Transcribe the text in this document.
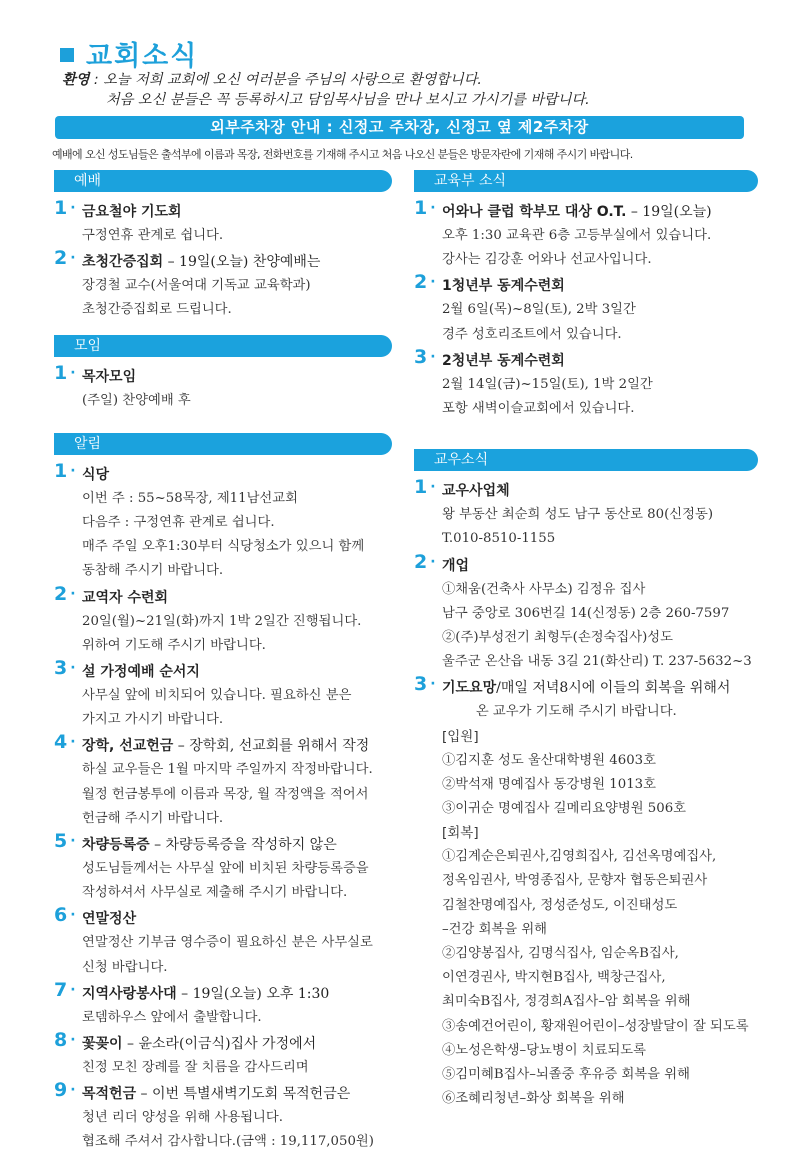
교회소식
환영 : 오늘 저희 교회에 오신 여러분을 주님의 사랑으로 환영합니다.
처음 오신 분들은 꼭 등록하시고 담임목사님을 만나 보시고 가시기를 바랍니다.
외부주차장 안내 : 신정고 주차장, 신정고 옆 제2주차장
예배에 오신 성도님들은 출석부에 이름과 목장, 전화번호를 기재해 주시고 처음 나오신 분들은 방문자란에 기재해 주시기 바랍니다.
예배
1 ·	금요철야 기도회
구정연휴 관계로 쉽니다.
2 ·	초청간증집회 – 19일(오늘) 찬양예배는
장경철 교수(서울여대 기독교 교육학과)
초청간증집회로 드립니다.
모임
1 ·	목자모임
(주일) 찬양예배 후
알림
1 ·	식당
이번 주 : 55~58목장, 제11남선교회
다음주 : 구정연휴 관계로 쉽니다.
매주 주일 오후1:30부터 식당청소가 있으니 함께
동참해 주시기 바랍니다.
2 ·	교역자 수련회
20일(월)~21일(화)까지 1박 2일간 진행됩니다.
위하여 기도해 주시기 바랍니다.
3 ·	설 가정예배 순서지
사무실 앞에 비치되어 있습니다. 필요하신 분은
가지고 가시기 바랍니다.
4 ·	장학, 선교헌금 – 장학회, 선교회를 위해서 작정
하실 교우들은 1월 마지막 주일까지 작정바랍니다.
월정 헌금봉투에 이름과 목장, 월 작정액을 적어서
헌금해 주시기 바랍니다.
5 ·	차량등록증 – 차량등록증을 작성하지 않은
성도님들께서는 사무실 앞에 비치된 차량등록증을
작성하셔서 사무실로 제출해 주시기 바랍니다.
6 ·	연말정산
연말정산 기부금 영수증이 필요하신 분은 사무실로
신청 바랍니다.
7 ·	지역사랑봉사대 – 19일(오늘) 오후 1:30
로뎀하우스 앞에서 출발합니다.
8 ·	꽃꽂이 – 윤소라(이금식)집사 가정에서
친정 모친 장례를 잘 치름을 감사드리며
9 ·	목적헌금 – 이번 특별새벽기도회 목적헌금은
청년 리더 양성을 위해 사용됩니다.
협조해 주셔서 감사합니다.(금액 : 19,117,050원)
교육부 소식
1 ·	어와나 클럽 학부모 대상 O.T. – 19일(오늘)
오후 1:30 교육관 6층 고등부실에서 있습니다.
강사는 김강훈 어와나 선교사입니다.
2 ·	1청년부 동계수련회
2월 6일(목)~8일(토), 2박 3일간
경주 성호리조트에서 있습니다.
3 ·	2청년부 동계수련회
2월 14일(금)~15일(토), 1박 2일간
포항 새벽이슬교회에서 있습니다.
교우소식
1 ·	교우사업체
왕 부동산 최순희 성도 남구 동산로 80(신정동)
T.010-8510-1155
2 ·	개업
①채움(건축사 사무소) 김정유 집사
남구 중앙로 306번길 14(신정동) 2층 260-7597
②(주)부성전기 최형두(손정숙집사)성도
울주군 온산읍 내동 3길 21(화산리) T. 237-5632~3
3 ·	기도요망/매일 저녁8시에 이들의 회복을 위해서
온 교우가 기도해 주시기 바랍니다.
[입원]
①김지훈 성도 울산대학병원 4603호
②박석재 명예집사 동강병원 1013호
③이귀순 명예집사 길메리요양병원 506호
[회복]
①김계순은퇴권사,김영희집사, 김선옥명예집사,
정옥임권사, 박영종집사, 문향자 협동은퇴권사
김철찬명예집사, 정성준성도, 이진태성도
–건강 회복을 위해
②김양봉집사, 김명식집사, 임순옥B집사,
이연경권사, 박지현B집사, 백창근집사,
최미숙B집사, 정경희A집사–암 회복을 위해
③송예건어린이, 황재원어린이–성장발달이 잘 되도록
④노성은학생–당뇨병이 치료되도록
⑤김미혜B집사–뇌졸중 후유증 회복을 위해
⑥조혜리청년–화상 회복을 위해
